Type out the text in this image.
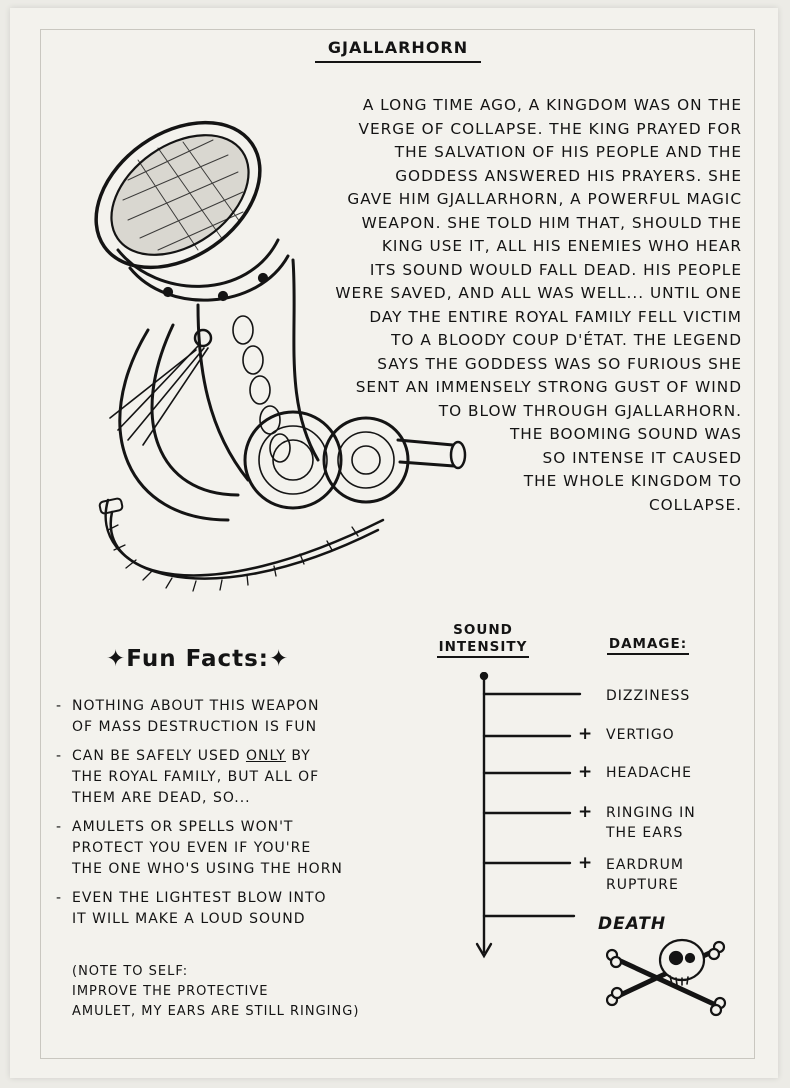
GJALLARHORN
A LONG TIME AGO, A KINGDOM WAS ON THE
VERGE OF COLLAPSE. THE KING PRAYED FOR
THE SALVATION OF HIS PEOPLE AND THE
GODDESS ANSWERED HIS PRAYERS. SHE
GAVE HIM GJALLARHORN, A POWERFUL MAGIC
WEAPON. SHE TOLD HIM THAT, SHOULD THE
KING USE IT, ALL HIS ENEMIES WHO HEAR
ITS SOUND WOULD FALL DEAD. HIS PEOPLE
WERE SAVED, AND ALL WAS WELL... UNTIL ONE
DAY THE ENTIRE ROYAL FAMILY FELL VICTIM
TO A BLOODY COUP D'ÉTAT. THE LEGEND
SAYS THE GODDESS WAS SO FURIOUS SHE
SENT AN IMMENSELY STRONG GUST OF WIND
TO BLOW THROUGH GJALLARHORN.
THE BOOMING SOUND WAS
SO INTENSE IT CAUSED
THE WHOLE KINGDOM TO
COLLAPSE.
✦Fun Facts:✦
- NOTHING ABOUT THIS WEAPON
OF MASS DESTRUCTION IS FUN
- CAN BE SAFELY USED ONLY BY
THE ROYAL FAMILY, BUT ALL OF
THEM ARE DEAD, SO...
- AMULETS OR SPELLS WON'T
PROTECT YOU EVEN IF YOU'RE
THE ONE WHO'S USING THE HORN
- EVEN THE LIGHTEST BLOW INTO
IT WILL MAKE A LOUD SOUND
(NOTE TO SELF:
IMPROVE THE PROTECTIVE
AMULET, MY EARS ARE STILL RINGING)
SOUND
INTENSITY	DAMAGE:
DIZZINESS
+ VERTIGO
+ HEADACHE
+ RINGING IN
THE EARS
+ EARDRUM
RUPTURE
DEATH
